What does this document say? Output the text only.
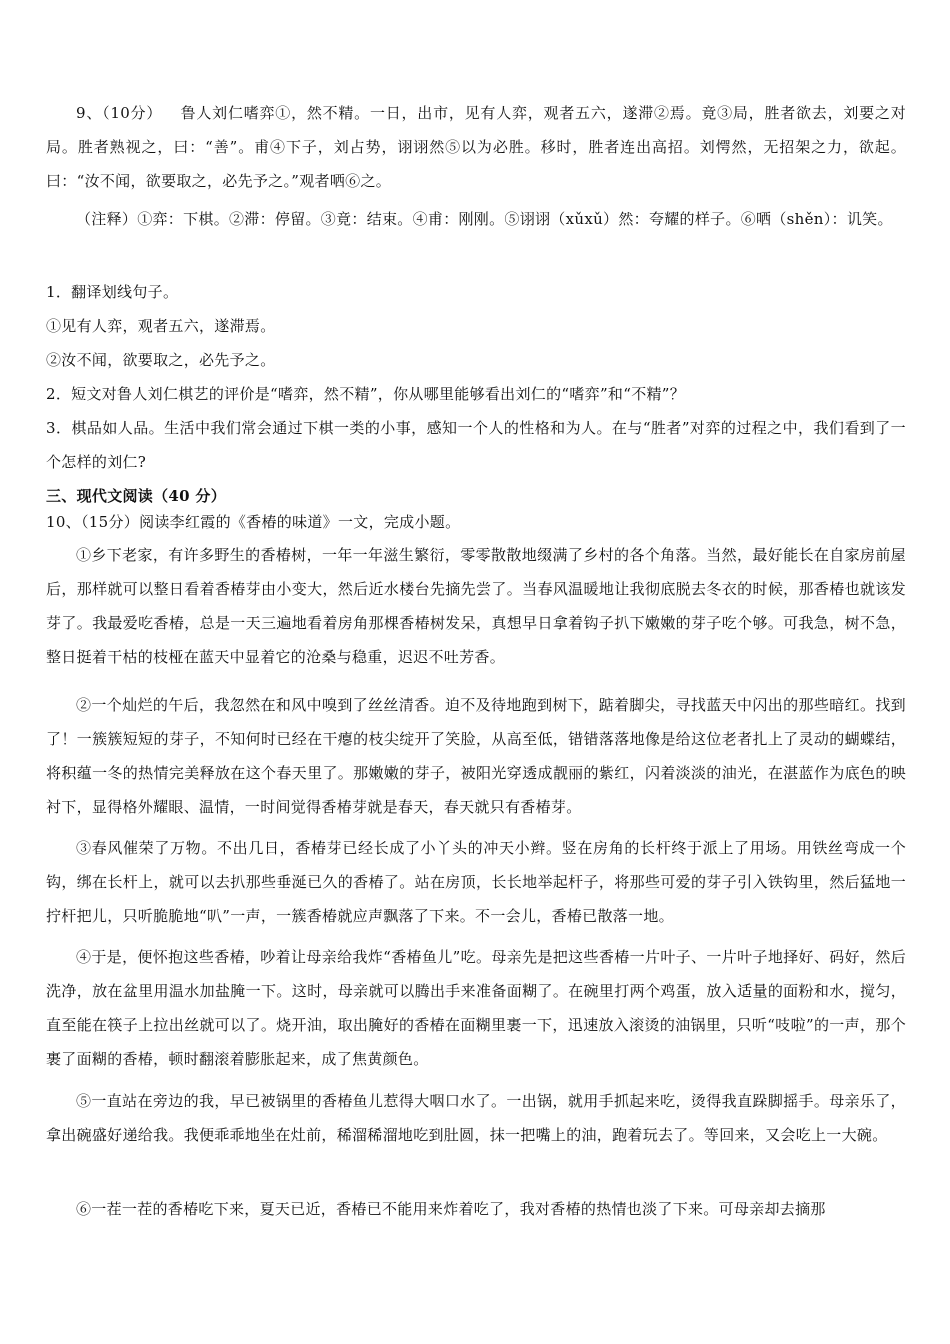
9、（10分） 鲁人刘仁嗜弈①，然不精。一日，出市，见有人弈，观者五六，遂滞②焉。竟③局，胜者欲去，刘要之对局。胜者熟视之，曰：“善”。甫④下子，刘占势，诩诩然⑤以为必胜。移时，胜者连出高招。刘愕然，无招架之力，欲起。曰：“汝不闻，欲要取之，必先予之。”观者哂⑥之。
（注释）①弈：下棋。②滞：停留。③竟：结束。④甫：刚刚。⑤诩诩（xǔxǔ）然：夸耀的样子。⑥哂（shěn）：讥笑。
1．翻译划线句子。
①见有人弈，观者五六，遂滞焉。
②汝不闻，欲要取之，必先予之。
2．短文对鲁人刘仁棋艺的评价是“嗜弈，然不精”，你从哪里能够看出刘仁的“嗜弈”和“不精”？
3．棋品如人品。生活中我们常会通过下棋一类的小事，感知一个人的性格和为人。在与“胜者”对弈的过程之中，我们看到了一个怎样的刘仁?
三、现代文阅读（40 分）
10、（15分）阅读李红霞的《香椿的味道》一文，完成小题。
①乡下老家，有许多野生的香椿树，一年一年滋生繁衍，零零散散地缀满了乡村的各个角落。当然，最好能长在自家房前屋后，那样就可以整日看着香椿芽由小变大，然后近水楼台先摘先尝了。当春风温暖地让我彻底脱去冬衣的时候，那香椿也就该发芽了。我最爱吃香椿，总是一天三遍地看着房角那棵香椿树发呆，真想早日拿着钩子扒下嫩嫩的芽子吃个够。可我急，树不急，整日挺着干枯的枝桠在蓝天中显着它的沧桑与稳重，迟迟不吐芳香。
②一个灿烂的午后，我忽然在和风中嗅到了丝丝清香。迫不及待地跑到树下，踮着脚尖，寻找蓝天中闪出的那些暗红。找到了！一簇簇短短的芽子，不知何时已经在干瘪的枝尖绽开了笑脸，从高至低，错错落落地像是给这位老者扎上了灵动的蝴蝶结，将积蕴一冬的热情完美释放在这个春天里了。那嫩嫩的芽子，被阳光穿透成靓丽的紫红，闪着淡淡的油光，在湛蓝作为底色的映衬下，显得格外耀眼、温情，一时间觉得香椿芽就是春天，春天就只有香椿芽。
③春风催荣了万物。不出几日，香椿芽已经长成了小丫头的冲天小辫。竖在房角的长杆终于派上了用场。用铁丝弯成一个钩，绑在长杆上，就可以去扒那些垂涎已久的香椿了。站在房顶，长长地举起杆子，将那些可爱的芽子引入铁钩里，然后猛地一拧杆把儿，只听脆脆地“叭”一声，一簇香椿就应声飘落了下来。不一会儿，香椿已散落一地。
④于是，便怀抱这些香椿，吵着让母亲给我炸“香椿鱼儿”吃。母亲先是把这些香椿一片叶子、一片叶子地择好、码好，然后洗净，放在盆里用温水加盐腌一下。这时，母亲就可以腾出手来准备面糊了。在碗里打两个鸡蛋，放入适量的面粉和水，搅匀，直至能在筷子上拉出丝就可以了。烧开油，取出腌好的香椿在面糊里裹一下，迅速放入滚烫的油锅里，只听“吱啦”的一声，那个裹了面糊的香椿，顿时翻滚着膨胀起来，成了焦黄颜色。
⑤一直站在旁边的我，早已被锅里的香椿鱼儿惹得大咽口水了。一出锅，就用手抓起来吃，烫得我直跺脚摇手。母亲乐了，拿出碗盛好递给我。我便乖乖地坐在灶前，稀溜稀溜地吃到肚圆，抹一把嘴上的油，跑着玩去了。等回来，又会吃上一大碗。
⑥一茬一茬的香椿吃下来，夏天已近，香椿已不能用来炸着吃了，我对香椿的热情也淡了下来。可母亲却去摘那
